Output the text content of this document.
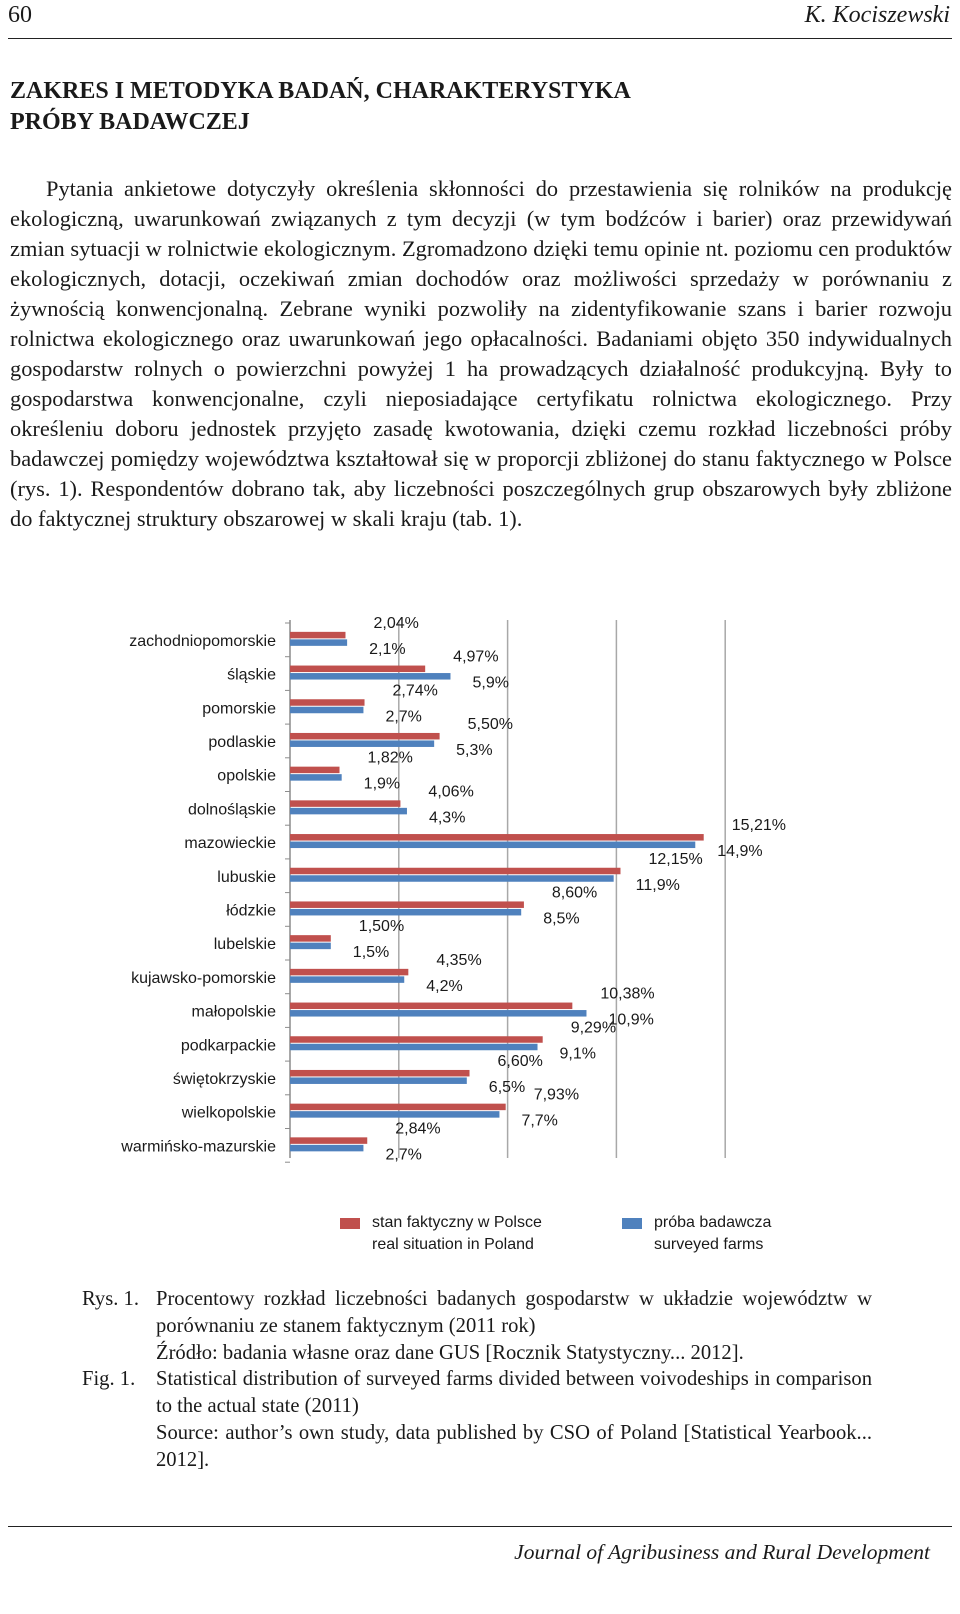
60	K. Kociszewski
ZAKRES I METODYKA BADAŃ, CHARAKTERYSTYKA
PRÓBY BADAWCZEJ

Pytania ankietowe dotyczyły określenia skłonności do przestawienia się rolników na produkcję ekologiczną, uwarunkowań związanych z tym decyzji (w tym bodźców i barier) oraz przewidywań zmian sytuacji w rolnictwie ekologicznym. Zgromadzono dzięki temu opinie nt. poziomu cen produktów ekologicznych, dotacji, oczekiwań zmian dochodów oraz możliwości sprzedaży w porównaniu z żywnością konwencjonalną. Zebrane wyniki pozwoliły na zidentyfikowanie szans i barier rozwoju rolnictwa ekologicznego oraz uwarunkowań jego opłacalności. Badaniami objęto 350 indywidualnych gospodarstw rolnych o powierzchni powyżej 1 ha prowadzących działalność produkcyjną. Były to gospodarstwa konwencjonalne, czyli nieposiadające certyfikatu rolnictwa ekologicznego. Przy określeniu doboru jednostek przyjęto zasadę kwotowania, dzięki czemu rozkład liczebności próby badawczej pomiędzy województwa kształtował się w proporcji zbliżonej do stanu faktycznego w Polsce (rys. 1). Respondentów dobrano tak, aby liczebności poszczególnych grup obszarowych były zbliżone do faktycznej struktury obszarowej w skali kraju (tab. 1).

zachodniopomorskie
śląskie
pomorskie
podlaskie
opolskie
dolnośląskie
mazowieckie
lubuskie
łódzkie
lubelskie
kujawsko-pomorskie
małopolskie
podkarpackie
świętokrzyskie
wielkopolskie
warmińsko-mazurskie
2,04%
2,1%	4,97%
5,9%
2,74%
2,7%	5,50%
5,3%
1,82%
1,9% 4,06%
4,3%	15,21%
14,9%
12,15%
11,9%
8,60%
8,5%
1,50%
1,5%	4,35%
4,2%	10,38%
10,9%
9,29%
9,1%
6,60%
6,5% 7,93%
7,7%
2,84%
2,7%
stan faktyczny w Polsce
real situation in Poland
próba badawcza
surveyed farms
Rys. 1. Procentowy rozkład liczebności badanych gospodarstw w układzie województw w porównaniu ze stanem faktycznym (2011 rok)
Źródło: badania własne oraz dane GUS [Rocznik Statystyczny... 2012].
Fig. 1.	Statistical distribution of surveyed farms divided between voivodeships in comparison to the actual state (2011)
Source: author’s own study, data published by CSO of Poland [Statistical Yearbook... 2012].
Journal of Agribusiness and Rural Development
